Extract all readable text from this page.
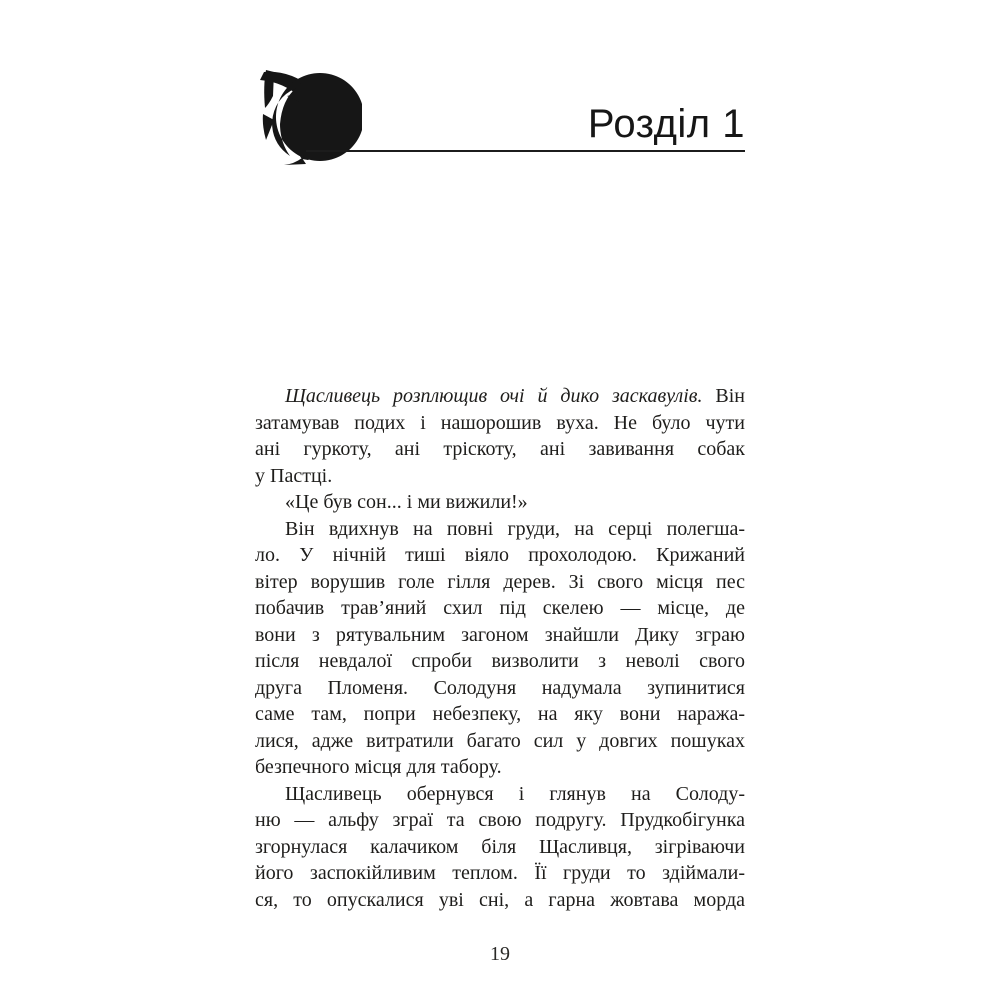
Розділ 1
Щасливець розплющив очі й дико заскавулів. Він
затамував подих і нашорошив вуха. Не було чути
ані гуркоту, ані тріскоту, ані завивання собак
у Пастці.
«Це був сон... і ми вижили!»
Він вдихнув на повні груди, на серці полегша-
ло. У нічній тиші віяло прохолодою. Крижаний
вітер ворушив голе гілля дерев. Зі свого місця пес
побачив трав’яний схил під скелею — місце, де
вони з рятувальним загоном знайшли Дику зграю
після невдалої спроби визволити з неволі свого
друга Пломеня. Солодуня надумала зупинитися
саме там, попри небезпеку, на яку вони наража-
лися, адже витратили багато сил у довгих пошуках
безпечного місця для табору.
Щасливець обернувся і глянув на Солоду-
ню — альфу зграї та свою подругу. Прудкобігунка
згорнулася калачиком біля Щасливця, зігріваючи
його заспокійливим теплом. Її груди то здіймали-
ся, то опускалися уві сні, а гарна жовтава морда
19
